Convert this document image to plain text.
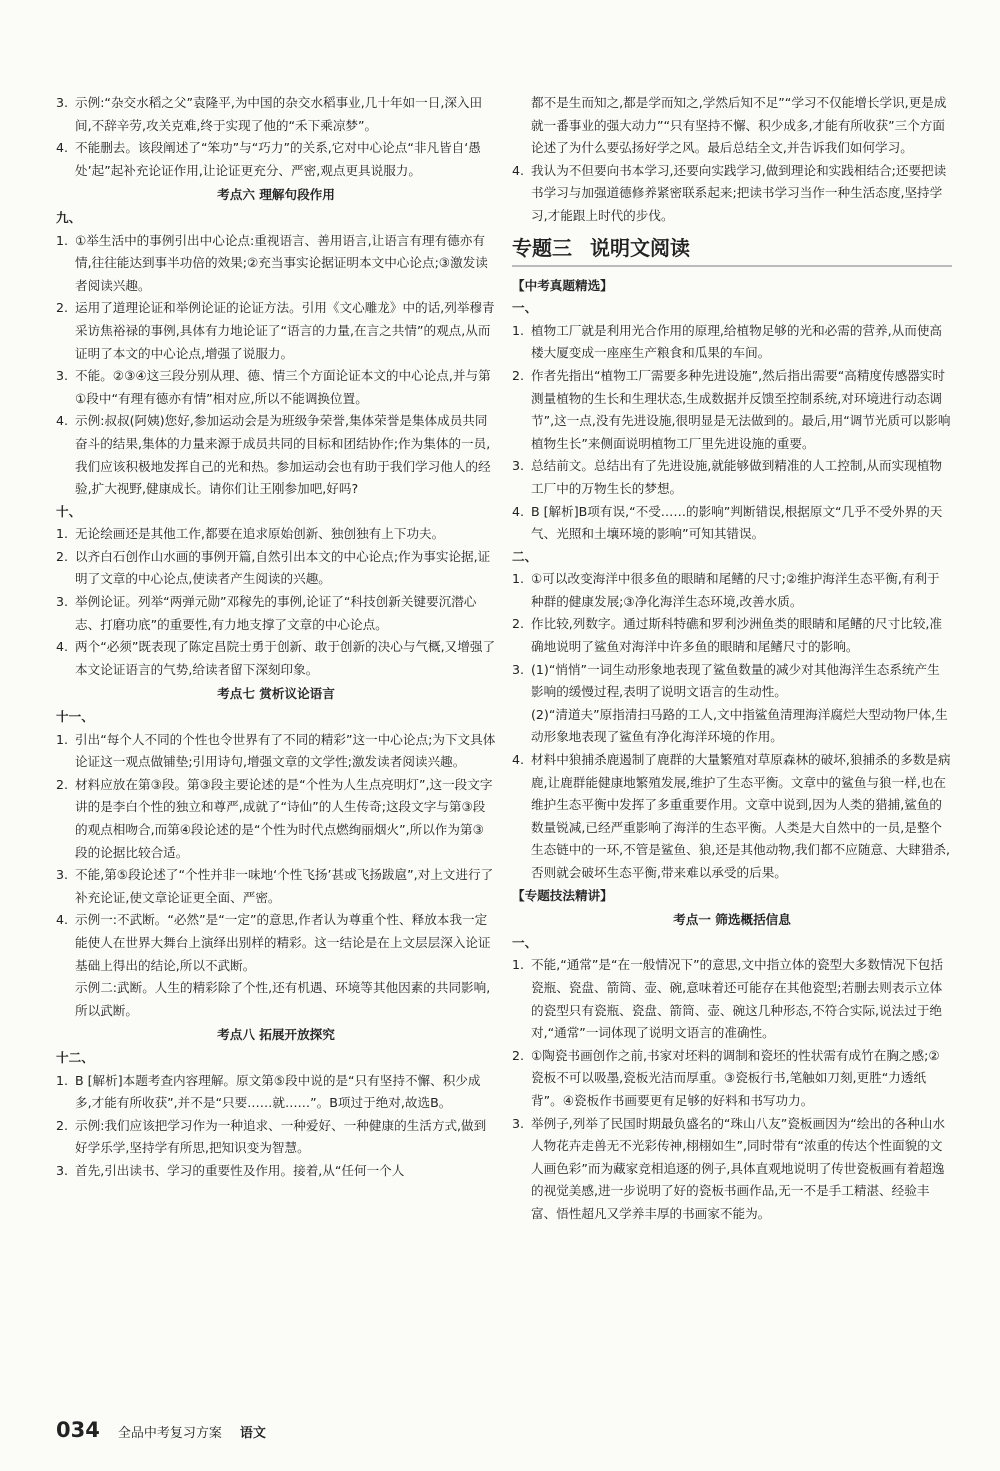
3. 示例:“杂交水稻之父”袁隆平,为中国的杂交水稻事业,几十年如一日,深入田间,不辞辛劳,攻关克难,终于实现了他的“禾下乘凉梦”。
4. 不能删去。该段阐述了“笨功”与“巧力”的关系,它对中心论点“非凡皆自‘愚处’起”起补充论证作用,让论证更充分、严密,观点更具说服力。
考点六 理解句段作用
九、
1. ①举生活中的事例引出中心论点:重视语言、善用语言,让语言有理有德亦有情,往往能达到事半功倍的效果;②充当事实论据证明本文中心论点;③激发读者阅读兴趣。
2. 运用了道理论证和举例论证的论证方法。引用《文心雕龙》中的话,列举穆青采访焦裕禄的事例,具体有力地论证了“语言的力量,在言之共情”的观点,从而证明了本文的中心论点,增强了说服力。
3. 不能。②③④这三段分别从理、德、情三个方面论证本文的中心论点,并与第①段中“有理有德亦有情”相对应,所以不能调换位置。
4. 示例:叔叔(阿姨)您好,参加运动会是为班级争荣誉,集体荣誉是集体成员共同奋斗的结果,集体的力量来源于成员共同的目标和团结协作;作为集体的一员,我们应该积极地发挥自己的光和热。参加运动会也有助于我们学习他人的经验,扩大视野,健康成长。请你们让王刚参加吧,好吗?
十、
1. 无论绘画还是其他工作,都要在追求原始创新、独创独有上下功夫。
2. 以齐白石创作山水画的事例开篇,自然引出本文的中心论点;作为事实论据,证明了文章的中心论点,使读者产生阅读的兴趣。
3. 举例论证。列举“两弹元勋”邓稼先的事例,论证了“科技创新关键要沉潜心志、打磨功底”的重要性,有力地支撑了文章的中心论点。
4. 两个“必须”既表现了陈定昌院士勇于创新、敢于创新的决心与气概,又增强了本文论证语言的气势,给读者留下深刻印象。
考点七 赏析议论语言
十一、
1. 引出“每个人不同的个性也令世界有了不同的精彩”这一中心论点;为下文具体论证这一观点做铺垫;引用诗句,增强文章的文学性;激发读者阅读兴趣。
2. 材料应放在第③段。第③段主要论述的是“个性为人生点亮明灯”,这一段文字讲的是李白个性的独立和尊严,成就了“诗仙”的人生传奇;这段文字与第③段的观点相吻合,而第④段论述的是“个性为时代点燃绚丽烟火”,所以作为第③段的论据比较合适。
3. 不能,第⑤段论述了“个性并非一味地‘个性飞扬’甚或飞扬跋扈”,对上文进行了补充论证,使文章论证更全面、严密。
4. 示例一:不武断。“必然”是“一定”的意思,作者认为尊重个性、释放本我一定能使人在世界大舞台上演绎出别样的精彩。这一结论是在上文层层深入论证基础上得出的结论,所以不武断。
示例二:武断。人生的精彩除了个性,还有机遇、环境等其他因素的共同影响,所以武断。
考点八 拓展开放探究
十二、
1. B [解析]本题考查内容理解。原文第⑤段中说的是“只有坚持不懈、积少成多,才能有所收获”,并不是“只要……就……”。B项过于绝对,故选B。
2. 示例:我们应该把学习作为一种追求、一种爱好、一种健康的生活方式,做到好学乐学,坚持学有所思,把知识变为智慧。
3. 首先,引出读书、学习的重要性及作用。接着,从“任何一个人
都不是生而知之,都是学而知之,学然后知不足”“学习不仅能增长学识,更是成就一番事业的强大动力”“只有坚持不懈、积少成多,才能有所收获”三个方面论述了为什么要弘扬好学之风。最后总结全文,并告诉我们如何学习。
4. 我认为不但要向书本学习,还要向实践学习,做到理论和实践相结合;还要把读书学习与加强道德修养紧密联系起来;把读书学习当作一种生活态度,坚持学习,才能跟上时代的步伐。
专题三 说明文阅读
【中考真题精选】
一、
1. 植物工厂就是利用光合作用的原理,给植物足够的光和必需的营养,从而使高楼大厦变成一座座生产粮食和瓜果的车间。
2. 作者先指出“植物工厂需要多种先进设施”,然后指出需要“高精度传感器实时测量植物的生长和生理状态,生成数据并反馈至控制系统,对环境进行动态调节”,这一点,没有先进设施,很明显是无法做到的。最后,用“调节光质可以影响植物生长”来侧面说明植物工厂里先进设施的重要。
3. 总结前文。总结出有了先进设施,就能够做到精准的人工控制,从而实现植物工厂中的万物生长的梦想。
4. B [解析]B项有误,“不受……的影响”判断错误,根据原文“几乎不受外界的天气、光照和土壤环境的影响”可知其错误。
二、
1. ①可以改变海洋中很多鱼的眼睛和尾鳍的尺寸;②维护海洋生态平衡,有利于种群的健康发展;③净化海洋生态环境,改善水质。
2. 作比较,列数字。通过斯科特礁和罗利沙洲鱼类的眼睛和尾鳍的尺寸比较,准确地说明了鲨鱼对海洋中许多鱼的眼睛和尾鳍尺寸的影响。
3. (1)“悄悄”一词生动形象地表现了鲨鱼数量的减少对其他海洋生态系统产生影响的缓慢过程,表明了说明文语言的生动性。
(2)“清道夫”原指清扫马路的工人,文中指鲨鱼清理海洋腐烂大型动物尸体,生动形象地表现了鲨鱼有净化海洋环境的作用。
4. 材料中狼捕杀鹿遏制了鹿群的大量繁殖对草原森林的破坏,狼捕杀的多数是病鹿,让鹿群能健康地繁殖发展,维护了生态平衡。文章中的鲨鱼与狼一样,也在维护生态平衡中发挥了多重重要作用。文章中说到,因为人类的猎捕,鲨鱼的数量锐减,已经严重影响了海洋的生态平衡。人类是大自然中的一员,是整个生态链中的一环,不管是鲨鱼、狼,还是其他动物,我们都不应随意、大肆猎杀,否则就会破坏生态平衡,带来难以承受的后果。
【专题技法精讲】
考点一 筛选概括信息
一、
1. 不能,“通常”是“在一般情况下”的意思,文中指立体的瓷型大多数情况下包括瓷瓶、瓷盘、箭筒、壶、碗,意味着还可能存在其他瓷型;若删去则表示立体的瓷型只有瓷瓶、瓷盘、箭筒、壶、碗这几种形态,不符合实际,说法过于绝对,“通常”一词体现了说明文语言的准确性。
2. ①陶瓷书画创作之前,书家对坯料的调制和瓷坯的性状需有成竹在胸之感;②瓷板不可以吸墨,瓷板光洁而厚重。③瓷板行书,笔触如刀刻,更胜“力透纸背”。④瓷板作书画要更有足够的好料和书写功力。
3. 举例子,列举了民国时期最负盛名的“珠山八友”瓷板画因为“绘出的各种山水人物花卉走兽无不光彩传神,栩栩如生”,同时带有“浓重的传达个性面貌的文人画色彩”而为藏家竞相追逐的例子,具体直观地说明了传世瓷板画有着超逸的视觉美感,进一步说明了好的瓷板书画作品,无一不是手工精湛、经验丰富、悟性超凡又学养丰厚的书画家不能为。
034 全品中考复习方案 语文
